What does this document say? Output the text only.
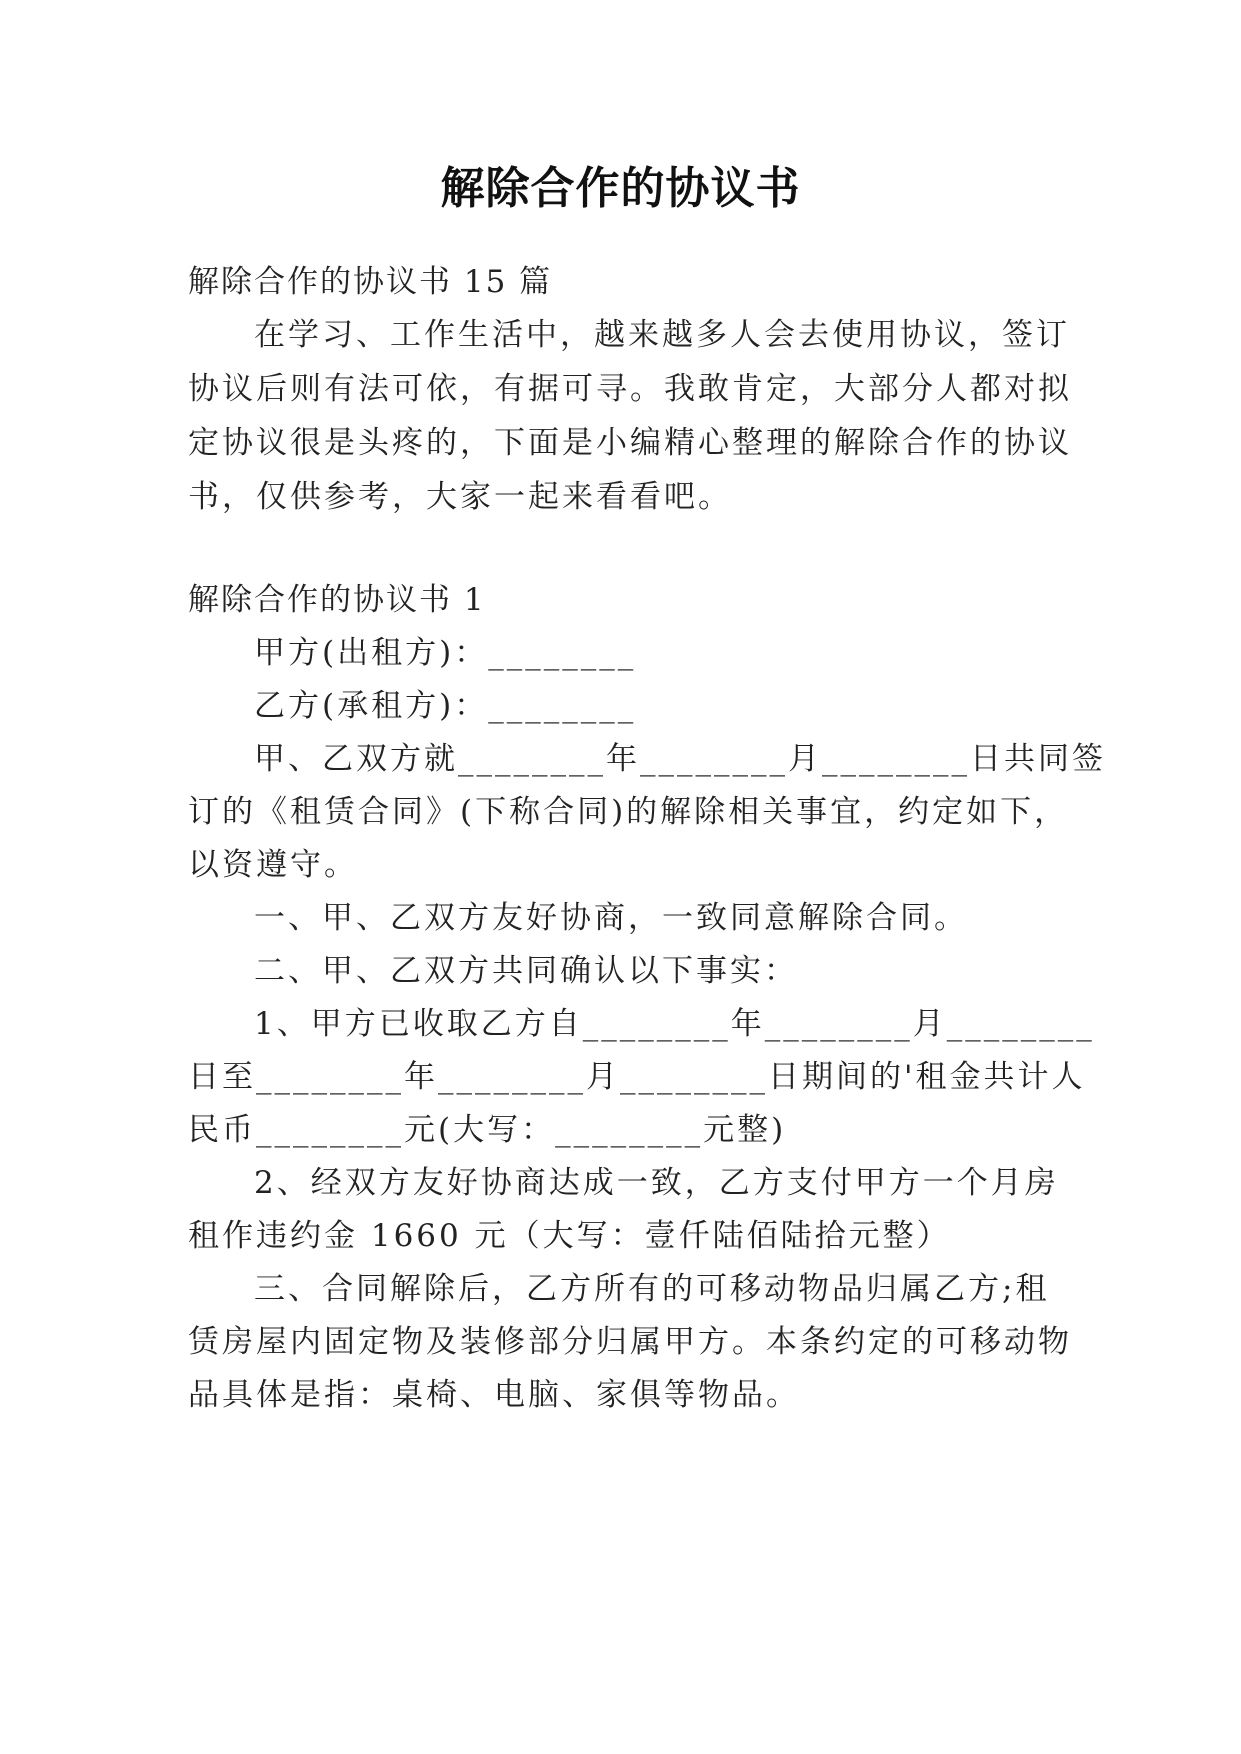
解除合作的协议书
解除合作的协议书 15 篇
在学习、工作生活中，越来越多人会去使用协议，签订
协议后则有法可依，有据可寻。我敢肯定，大部分人都对拟
定协议很是头疼的，下面是小编精心整理的解除合作的协议
书，仅供参考，大家一起来看看吧。
解除合作的协议书 1
甲方(出租方)：________
乙方(承租方)：________
甲、乙双方就________年________月________日共同签
订的《租赁合同》(下称合同)的解除相关事宜，约定如下，
以资遵守。
一、甲、乙双方友好协商，一致同意解除合同。
二、甲、乙双方共同确认以下事实：
1、甲方已收取乙方自________年________月________
日至________年________月________日期间的'租金共计人
民币________元(大写：________元整)
2、经双方友好协商达成一致，乙方支付甲方一个月房
租作违约金 1660 元（大写：壹仟陆佰陆拾元整）
三、合同解除后，乙方所有的可移动物品归属乙方;租
赁房屋内固定物及装修部分归属甲方。本条约定的可移动物
品具体是指：桌椅、电脑、家俱等物品。
